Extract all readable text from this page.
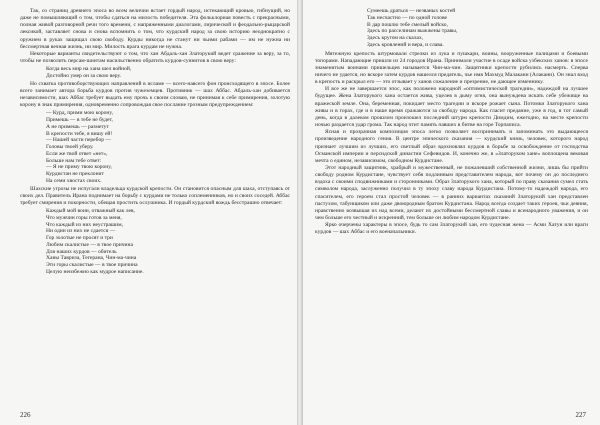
Так, со страниц древнего эпоса во всем величии встает гордый народ, истекающий кровью, гибнущий, но даже не помышляющий о том, чтобы сдаться на милость победителя. Эта фольклорная повесть с прекрасными, полная живой разговорной речи того времени, с напряженными диалогами, лирической и феодально-рыцарской лексикой, заставляет снова и снова вспомнить о том, что курдский народ за свою историю неоднократно с оружием в руках защищал свою свободу. Курды никогда не станут ни чьими рабами — им не нужна ни бессмертная вечная жизнь, ни мир. Милость врага курдам не нужна.

Некоторые варианты свидетельствуют о том, что хан Абдаль-хан Златорукий ведет сражение за веру, за то, чтобы не позволить персам-шиитам насильственно обратить курдов-суннитов в свою веру:

Когда весь мир на хана шел войной,
Достойно умер он за свою веру.

Но схватка противоборствующих направлений в исламе — всего-навсего фон происходящего в эпосе. Болee всего занимает автора борьба курдов против чужеземцев. Противник — шах Аббас. Абдаль-хан добивается независимости, шах Аббас требует выдать ему прочь к своим словам, не принимая к себе примирения, золотую корону в знак примирения, одновременно сопровождая свое послание грозным предупреждением:

— Курд, прими мою корону,
Примешь — в тебе не будет,
А не примешь — разметут
В крепости тебе, я вишу ей!
— Нашей части перебор —
Головы твоей уберу.
Если же твой ответ «нет»,
Больше нам тебе ответ:
— Я не приму твою корону,
Курдистан не преклонит
На семи хвостах своих.

Шахские угрозы не испугали владельца курдской крепости. Он становится опасным для шаха, отступаясь от своих дел. Правитель Ирана поднимает на борьбу с курдами не только соплеменников, но и своих соседей. Аббас требует смирения и покорности, обещая простить ослушника. И гордый курдский вождь бесстрашно отвечает:

Каждый мой воин, отважный как лев,
Что мужчин горы готов за меня,
Что каждый из них неустрашим,
Ни один из них не сдается —
Гор золотые не просят и три
Любим скалистые — в твое причина
Для наших курдов — обитель
Ханы Тавриза, Тегерана, Чин-ма-чина
Эти горы скалистые — в твое причина
Целую неизбежно как мудрое написание.
226
Сумеешь драться — незваных костей
Так несчастно — по одной голове
В дар пошлю тебе смелый войско,
Здесь по расселинам выжжены травы,
Здесь кругом на скалах,
Здесь кровлений и вера, и слава.

Мятежную крепость штурмовали стрелки из лука и пушкари, воины, вооруженные палицами и боевыми топорами. Нападающие пришли из 24 городов Ирана. Принимали участие в осаде войска узбекских ханов: в эпосе знаменитым воинами пришельцев называется Чин-ма-чин. Защитники крепости рубились насмерть. Сперва ничего не удается, но вскоре затем курдов нашелся предатель, чье имя Махмуд Малакани (Алакани). Он знал вход в крепость и раскрыл его — это отзывает у ханов сожаление и презрение, не дающее изменнику.

И все же не завершается эпос, как положено народной «оптимистической трагедии», надеждой на лучшее будущее. Жена Златорукого хана остается жива, уцелев в дыму огня, она вынуждена искать себе убежище на вражеской земле. Она, беременная, покидает место трагедии и вскоре рожает сына. Потомки Златорукого хана живы и в горах, где и в наше время сражаются за свободу народа. Как гласит предание, уже в год, в тот самый день, когда в далеком прошлом произошел последний штурм крепости Димдим, ежегодно, на месте крепости ночью раздается удар грома. Так народ чтит память павших в битве на горе Торпаписа.

Ясная и прозрачная композиция эпоса легко позволяет воспринимать и запоминать это выдающееся произведение народного гения. В центре эпического сказания — курдский князь, человек, которого народ признает лучшим из лучших, его светлый образ вдохновлял курдов в борьбе за освобождение от господства Османской империи и персидской династии Сефевидов. И, конечно же, в «Златоруком хане» воплощена вековая мечта о едином, независимом, свободном Курдистане.

Этот народный защитник, храбрый и мужественный, не пожалевший собственной жизни, лишь бы прийти свободу родном Курдистане, чувствует себя подлинным представителем народа, вот почему он до последнего вздоха с своими сподвижниками и сторонниками. Образ Златорукого хана, который по праву сказания сумел стать символом народа, заслуженно получил в ту эпоху славу народа Курдистана. Потому-то надеждой народа, его спасителем, его героем стал простой человек — в ранних вариантах сказаний Златорукий хан представлен пастухом, табунщиком или даже двоюродным братом Курдистана. Народ всегда создает таких героев, чьи деяния, нравственно возвышая их над всеми, делают их достойными бессмертной славы и всенародного уважения, и он чем больше его честный и искренний, тем больше он любим народом Курдистане.

Ярко очерчены характеры в эпосе, будь то сам Златорукий хан, его чудесная жена — Асми Хатун или враги курдов — шах Аббас и его военачальники.

227
